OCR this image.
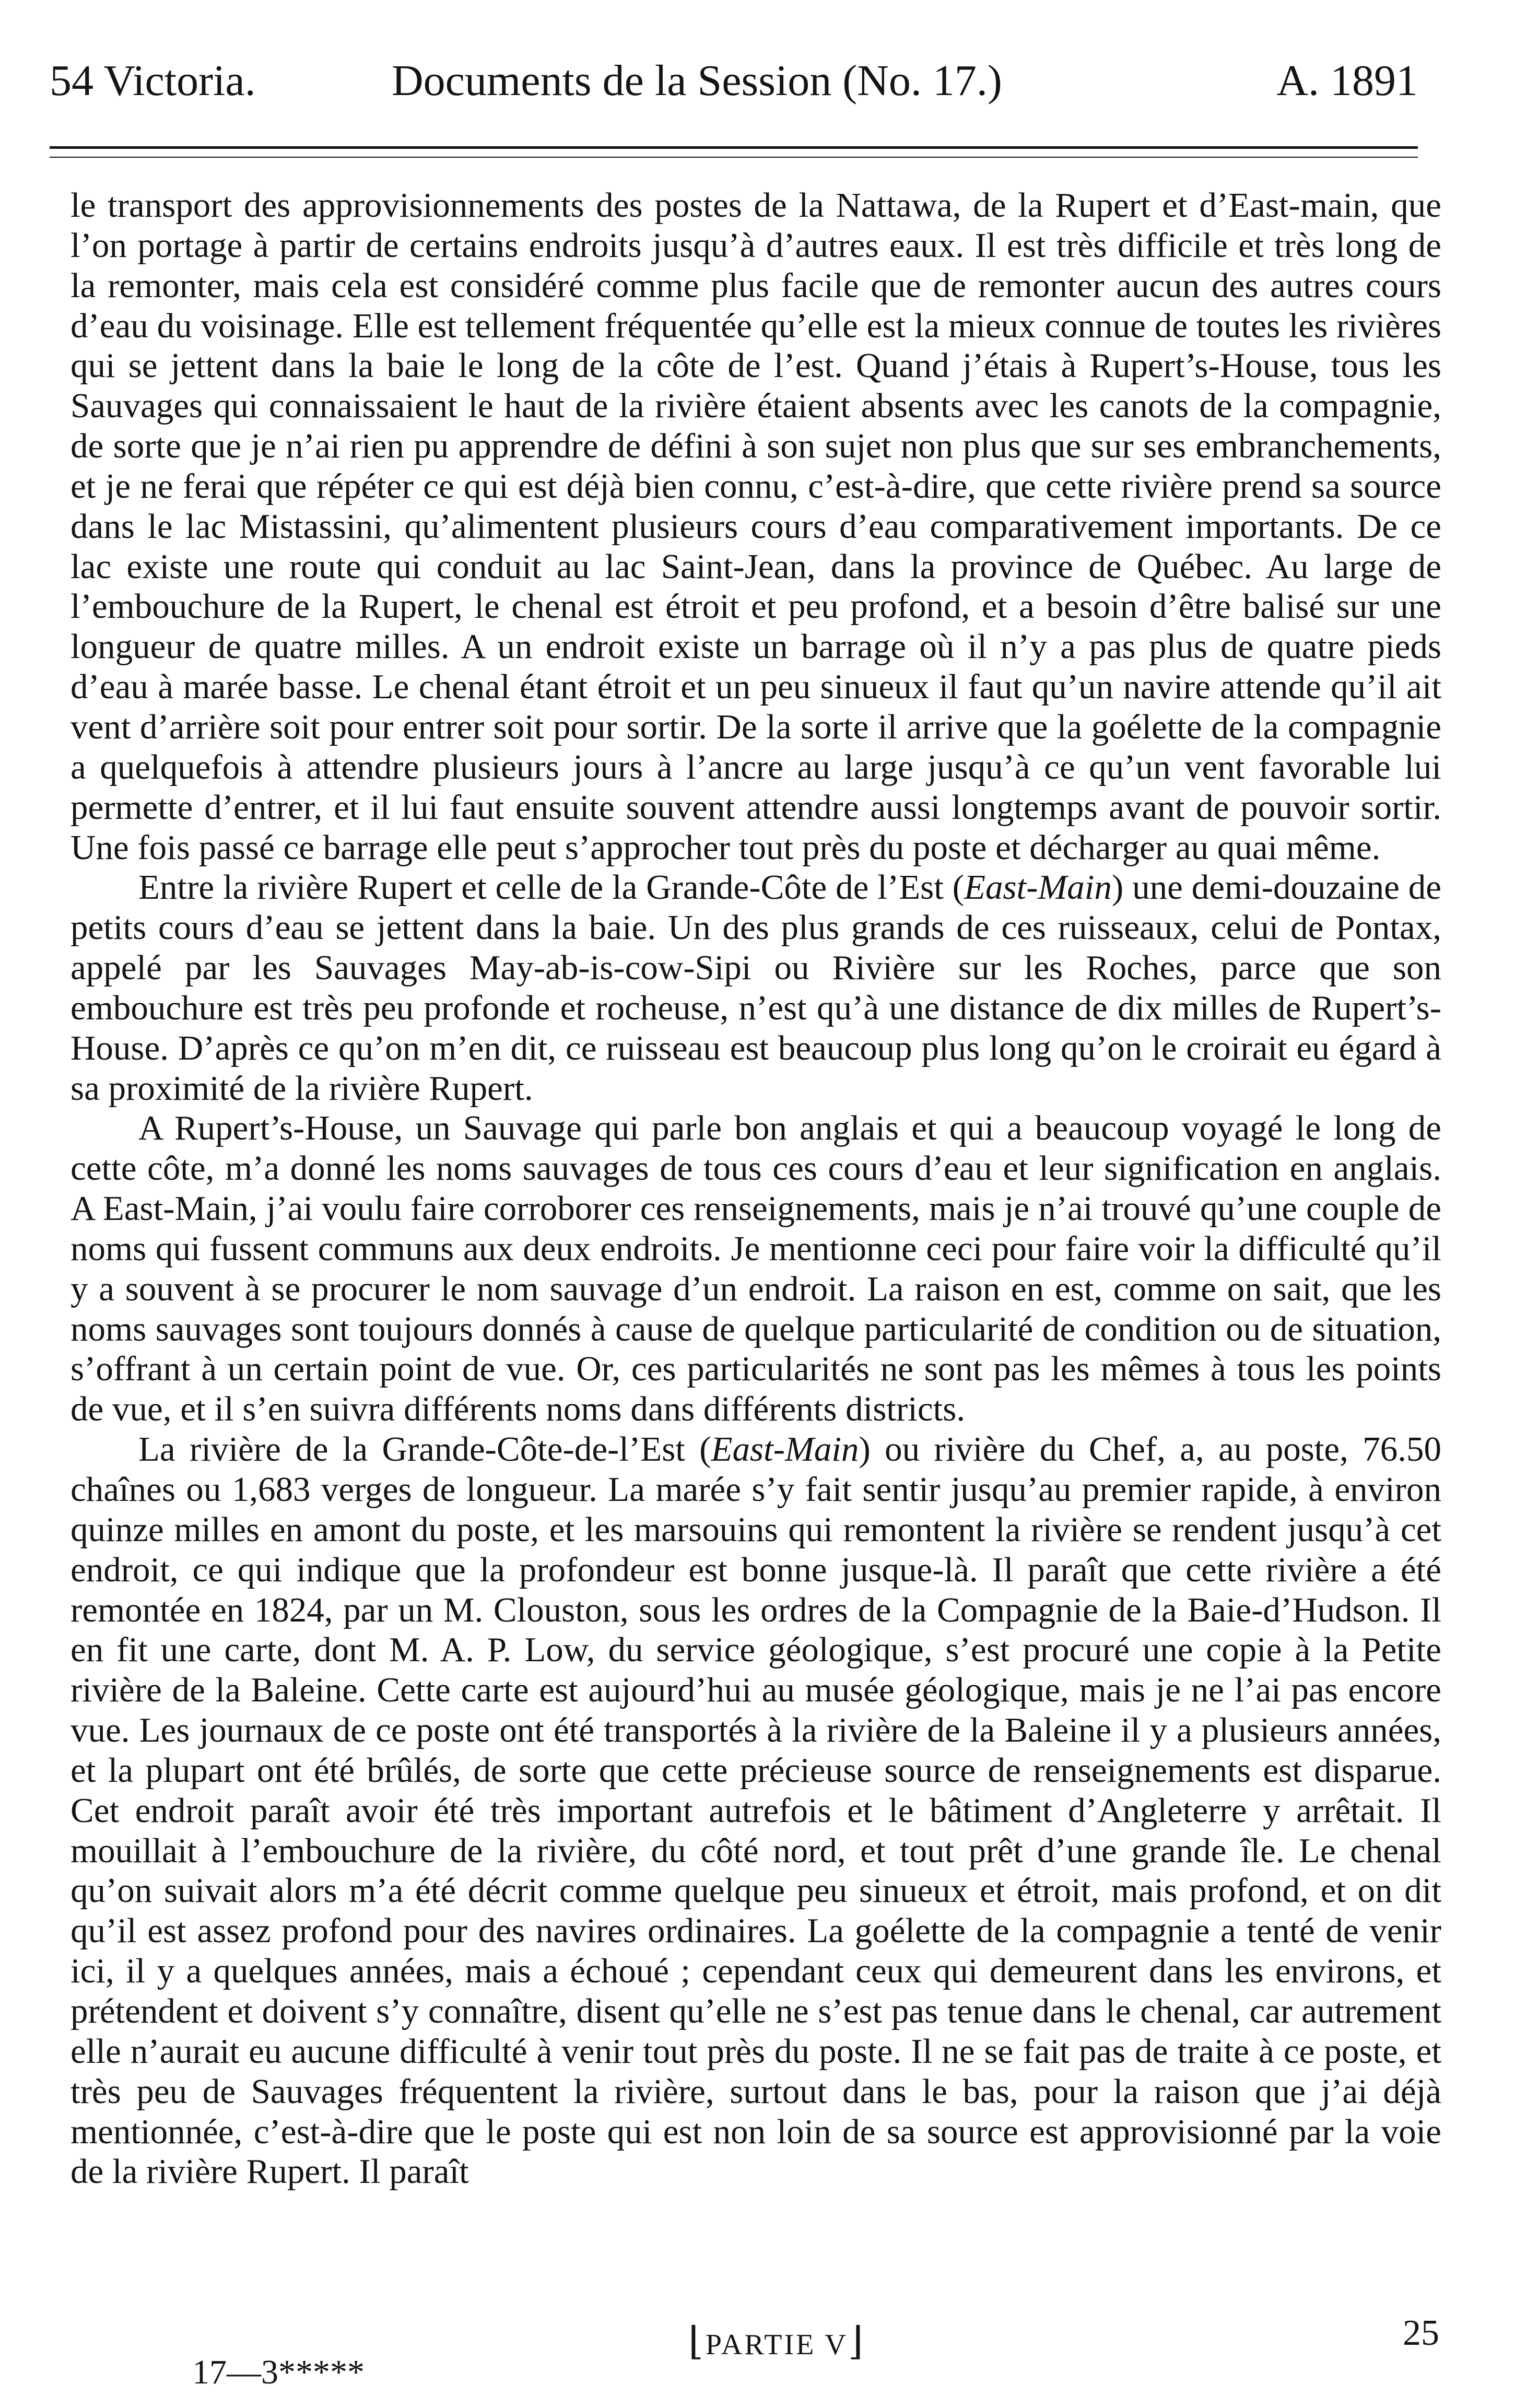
54 Victoria.	Documents de la Session (No. 17.)	A. 1891

le transport des approvisionnements des postes de la Nattawa, de la Rupert et d’East-main, que l’on portage à partir de certains endroits jusqu’à d’autres eaux. Il est très difficile et très long de la remonter, mais cela est considéré comme plus facile que de remonter aucun des autres cours d’eau du voisinage. Elle est tellement fréquentée qu’elle est la mieux connue de toutes les rivières qui se jettent dans la baie le long de la côte de l’est. Quand j’étais à Rupert’s-House, tous les Sauvages qui connaissaient le haut de la rivière étaient absents avec les canots de la compagnie, de sorte que je n’ai rien pu apprendre de défini à son sujet non plus que sur ses embranchements, et je ne ferai que répéter ce qui est déjà bien connu, c’est-à-dire, que cette rivière prend sa source dans le lac Mistassini, qu’alimentent plusieurs cours d’eau comparativement importants. De ce lac existe une route qui conduit au lac Saint-Jean, dans la province de Québec. Au large de l’embouchure de la Rupert, le chenal est étroit et peu profond, et a besoin d’être balisé sur une longueur de quatre milles. A un endroit existe un barrage où il n’y a pas plus de quatre pieds d’eau à marée basse. Le chenal étant étroit et un peu sinueux il faut qu’un navire attende qu’il ait vent d’arrière soit pour entrer soit pour sortir. De la sorte il arrive que la goélette de la compagnie a quelquefois à attendre plusieurs jours à l’ancre au large jusqu’à ce qu’un vent favorable lui permette d’entrer, et il lui faut ensuite souvent attendre aussi longtemps avant de pouvoir sortir. Une fois passé ce barrage elle peut s’approcher tout près du poste et décharger au quai même.

Entre la rivière Rupert et celle de la Grande-Côte de l’Est (East-Main) une demi-douzaine de petits cours d’eau se jettent dans la baie. Un des plus grands de ces ruisseaux, celui de Pontax, appelé par les Sauvages May-ab-is-cow-Sipi ou Rivière sur les Roches, parce que son embouchure est très peu profonde et rocheuse, n’est qu’à une distance de dix milles de Rupert’s-House. D’après ce qu’on m’en dit, ce ruisseau est beaucoup plus long qu’on le croirait eu égard à sa proximité de la rivière Rupert.

A Rupert’s-House, un Sauvage qui parle bon anglais et qui a beaucoup voyagé le long de cette côte, m’a donné les noms sauvages de tous ces cours d’eau et leur signification en anglais. A East-Main, j’ai voulu faire corroborer ces renseignements, mais je n’ai trouvé qu’une couple de noms qui fussent communs aux deux endroits. Je mentionne ceci pour faire voir la difficulté qu’il y a souvent à se procurer le nom sauvage d’un endroit. La raison en est, comme on sait, que les noms sauvages sont toujours donnés à cause de quelque particularité de condition ou de situation, s’offrant à un certain point de vue. Or, ces particularités ne sont pas les mêmes à tous les points de vue, et il s’en suivra différents noms dans différents districts.

La rivière de la Grande-Côte-de-l’Est (East-Main) ou rivière du Chef, a, au poste, 76.50 chaînes ou 1,683 verges de longueur. La marée s’y fait sentir jusqu’au premier rapide, à environ quinze milles en amont du poste, et les marsouins qui remontent la rivière se rendent jusqu’à cet endroit, ce qui indique que la profondeur est bonne jusque-là. Il paraît que cette rivière a été remontée en 1824, par un M. Clouston, sous les ordres de la Compagnie de la Baie-d’Hudson. Il en fit une carte, dont M. A. P. Low, du service géologique, s’est procuré une copie à la Petite rivière de la Baleine. Cette carte est aujourd’hui au musée géologique, mais je ne l’ai pas encore vue. Les journaux de ce poste ont été transportés à la rivière de la Baleine il y a plusieurs années, et la plupart ont été brûlés, de sorte que cette précieuse source de renseignements est disparue. Cet endroit paraît avoir été très important autrefois et le bâtiment d’Angleterre y arrêtait. Il mouillait à l’embouchure de la rivière, du côté nord, et tout prêt d’une grande île. Le chenal qu’on suivait alors m’a été décrit comme quelque peu sinueux et étroit, mais profond, et on dit qu’il est assez profond pour des navires ordinaires. La goélette de la compagnie a tenté de venir ici, il y a quelques années, mais a échoué ; cependant ceux qui demeurent dans les environs, et prétendent et doivent s’y connaître, disent qu’elle ne s’est pas tenue dans le chenal, car autrement elle n’aurait eu aucune difficulté à venir tout près du poste. Il ne se fait pas de traite à ce poste, et très peu de Sauvages fréquentent la rivière, surtout dans le bas, pour la raison que j’ai déjà mentionnée, c’est-à-dire que le poste qui est non loin de sa source est approvisionné par la voie de la rivière Rupert. Il paraît

⌊PARTIE V⌋	25
17—3*****
